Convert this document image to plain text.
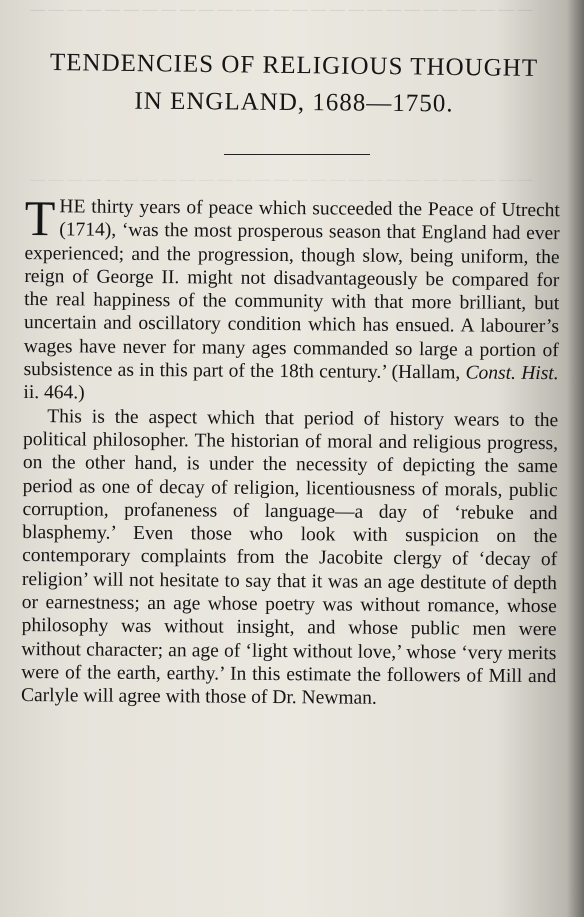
— — — — — — — — — — — — — — — — — — — — — — — — — — —
— — — — — — — — — — — — — — — — — — — — — — — — — — —
TENDENCIES OF RELIGIOUS THOUGHT
IN ENGLAND, 1688—1750.

THE thirty years of peace which succeeded the Peace of Utrecht (1714), ‘was the most prosperous season that England had ever experienced; and the progression, though slow, being uniform, the reign of George II. might not disadvantageously be compared for the real happiness of the community with that more brilliant, but uncertain and oscillatory condition which has ensued. A labourer’s wages have never for many ages commanded so large a portion of subsistence as in this part of the 18th century.’ (Hallam, Const. Hist. ii. 464.)

This is the aspect which that period of history wears to the political philosopher. The historian of moral and religious progress, on the other hand, is under the necessity of depicting the same period as one of decay of religion, licentiousness of morals, public corruption, profaneness of language—a day of ‘rebuke and blasphemy.’ Even those who look with suspicion on the contemporary complaints from the Jacobite clergy of ‘decay of religion’ will not hesitate to say that it was an age destitute of depth or earnestness; an age whose poetry was without romance, whose philosophy was without insight, and whose public men were without character; an age of ‘light without love,’ whose ‘very merits were of the earth, earthy.’ In this estimate the followers of Mill and Carlyle will agree with those of Dr. Newman.
